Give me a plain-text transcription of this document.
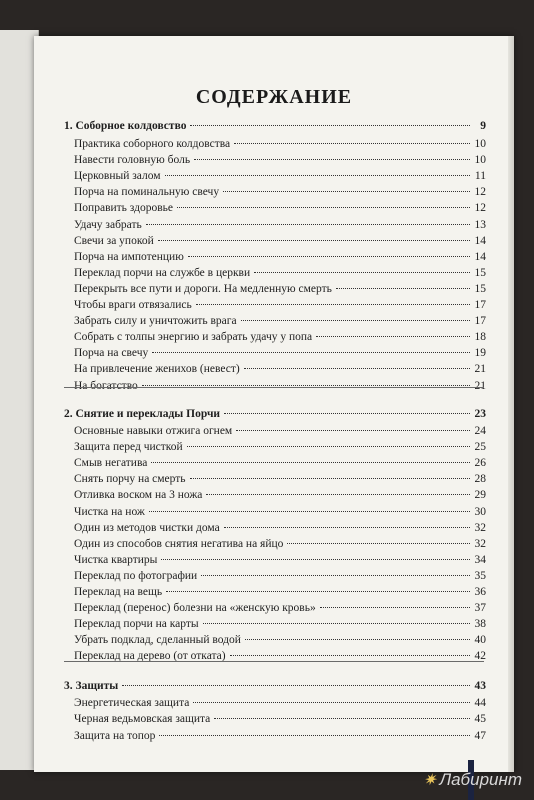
СОДЕРЖАНИЕ
1. Соборное колдовство	9
Практика соборного колдовства	10
Навести головную боль	10
Церковный залом	11
Порча на поминальную свечу	12
Поправить здоровье	12
Удачу забрать	13
Свечи за упокой	14
Порча на импотенцию	14
Переклад порчи на службе в церкви	15
Перекрыть все пути и дороги. На медленную смерть	15
Чтобы враги отвязались	17
Забрать силу и уничтожить врага	17
Собрать с толпы энергию и забрать удачу у попа	18
Порча на свечу	19
На привлечение женихов (невест)	21
На богатство	21
2. Снятие и переклады Порчи	23
Основные навыки отжига огнем	24
Защита перед чисткой	25
Смыв негатива	26
Снять порчу на смерть	28
Отливка воском на 3 ножа	29
Чистка на нож	30
Один из методов чистки дома	32
Один из способов снятия негатива на яйцо	32
Чистка квартиры	34
Переклад по фотографии	35
Переклад на вещь	36
Переклад (перенос) болезни на «женскую кровь»	37
Переклад порчи на карты	38
Убрать подклад, сделанный водой	40
Переклад на дерево (от отката)	42
3. Защиты	43
Энергетическая защита	44
Черная ведьмовская защита	45
Защита на топор	47
✷ Лабиринт
